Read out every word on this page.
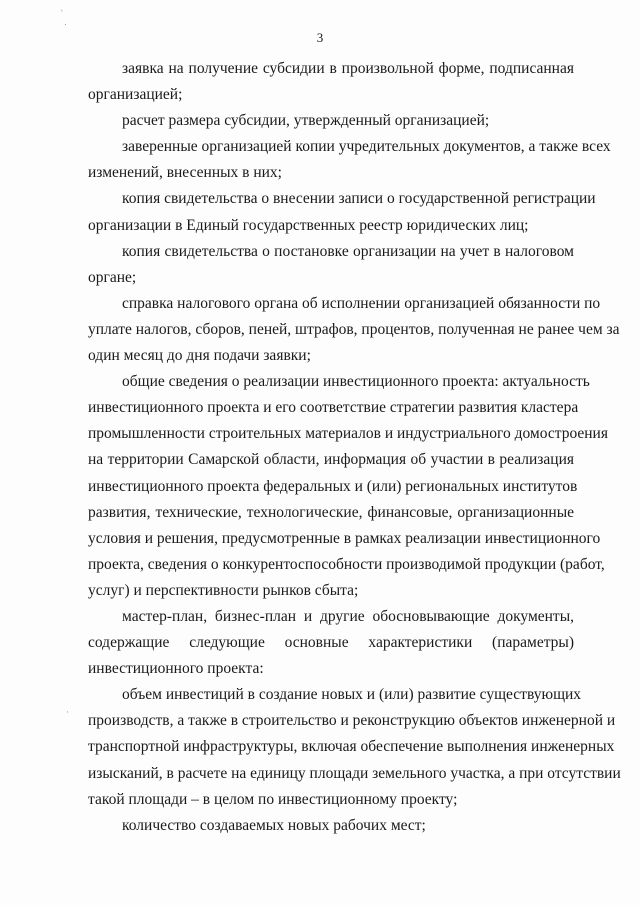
`
.
·
3

заявка на получение субсидии в произвольной форме, подписанная
организацией;

расчет размера субсидии, утвержденный организацией;

заверенные организацией копии учредительных документов, а также всех
изменений, внесенных в них;

копия свидетельства о внесении записи о государственной регистрации
организации в Единый государственных реестр юридических лиц;

копия свидетельства о постановке организации на учет в налоговом
органе;

справка налогового органа об исполнении организацией обязанности по
уплате налогов, сборов, пеней, штрафов, процентов, полученная не ранее чем за
один месяц до дня подачи заявки;

общие сведения о реализации инвестиционного проекта: актуальность
инвестиционного проекта и его соответствие стратегии развития кластера
промышленности строительных материалов и индустриального домостроения
на территории Самарской области, информация об участии в реализация
инвестиционного проекта федеральных и (или) региональных институтов
развития, технические, технологические, финансовые, организационные
условия и решения, предусмотренные в рамках реализации инвестиционного
проекта, сведения о конкурентоспособности производимой продукции (работ,
услуг) и перспективности рынков сбыта;

мастер-план, бизнес-план и другие обосновывающие документы,
содержащие следующие основные характеристики (параметры)
инвестиционного проекта:

объем инвестиций в создание новых и (или) развитие существующих
производств, а также в строительство и реконструкцию объектов инженерной и
транспортной инфраструктуры, включая обеспечение выполнения инженерных
изысканий, в расчете на единицу площади земельного участка, а при отсутствии
такой площади – в целом по инвестиционному проекту;

количество создаваемых новых рабочих мест;
